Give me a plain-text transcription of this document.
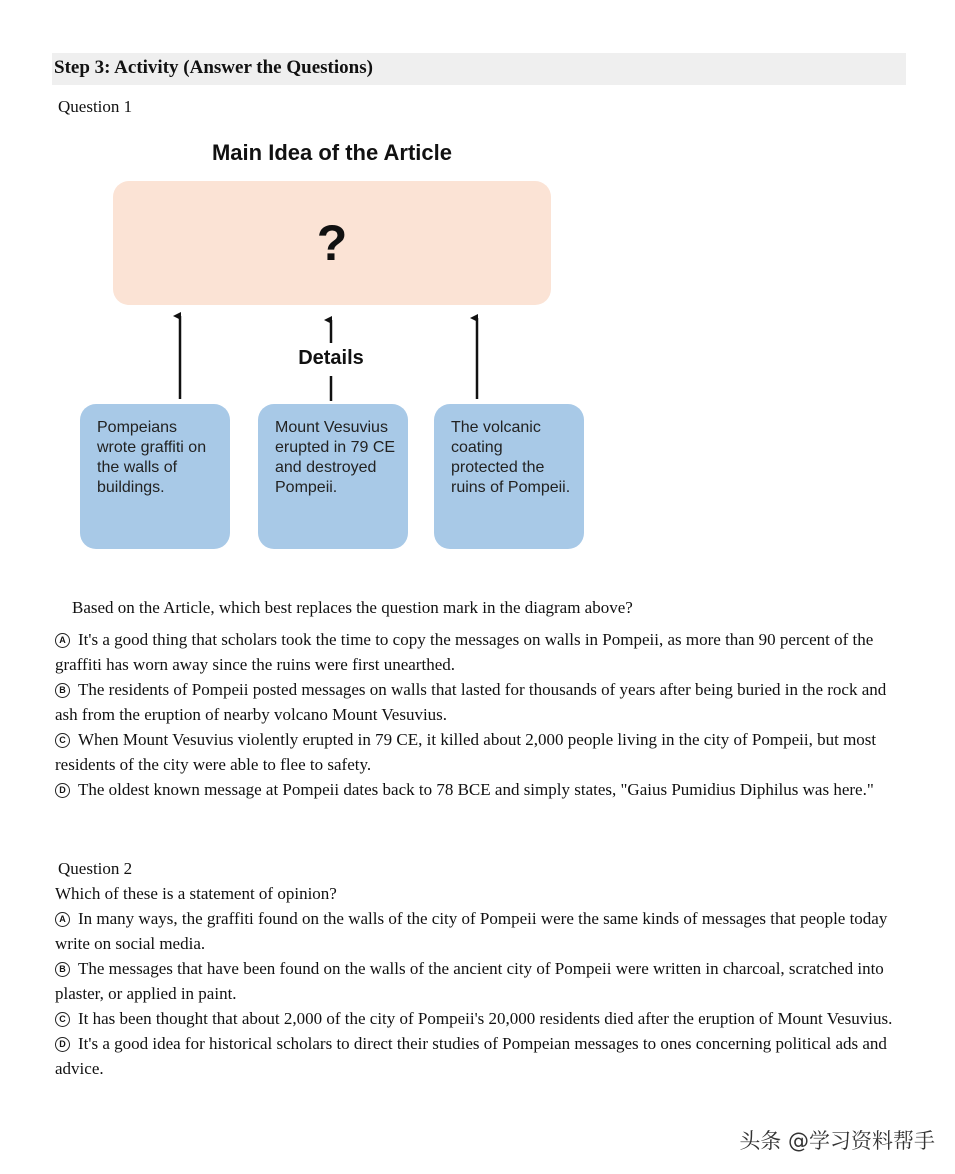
Step 3: Activity (Answer the Questions)
Question 1
Main Idea of the Article
?
Details
Pompeians wrote graffiti on the walls of buildings.
Mount Vesuvius erupted in 79 CE and destroyed Pompeii.
The volcanic coating protected the ruins of Pompeii.
Based on the Article, which best replaces the question mark in the diagram above?

A It's a good thing that scholars took the time to copy the messages on walls in Pompeii, as more than 90 percent of the graffiti has worn away since the ruins were first unearthed.

B The residents of Pompeii posted messages on walls that lasted for thousands of years after being buried in the rock and ash from the eruption of nearby volcano Mount Vesuvius.

C When Mount Vesuvius violently erupted in 79 CE, it killed about 2,000 people living in the city of Pompeii, but most residents of the city were able to flee to safety.

D The oldest known message at Pompeii dates back to 78 BCE and simply states, "Gaius Pumidius Diphilus was here."

Question 2
Which of these is a statement of opinion?

A In many ways, the graffiti found on the walls of the city of Pompeii were the same kinds of messages that people today write on social media.

B The messages that have been found on the walls of the ancient city of Pompeii were written in charcoal, scratched into plaster, or applied in paint.

C It has been thought that about 2,000 of the city of Pompeii's 20,000 residents died after the eruption of Mount Vesuvius.

D It's a good idea for historical scholars to direct their studies of Pompeian messages to ones concerning political ads and advice.

头条 @学习资料帮手
